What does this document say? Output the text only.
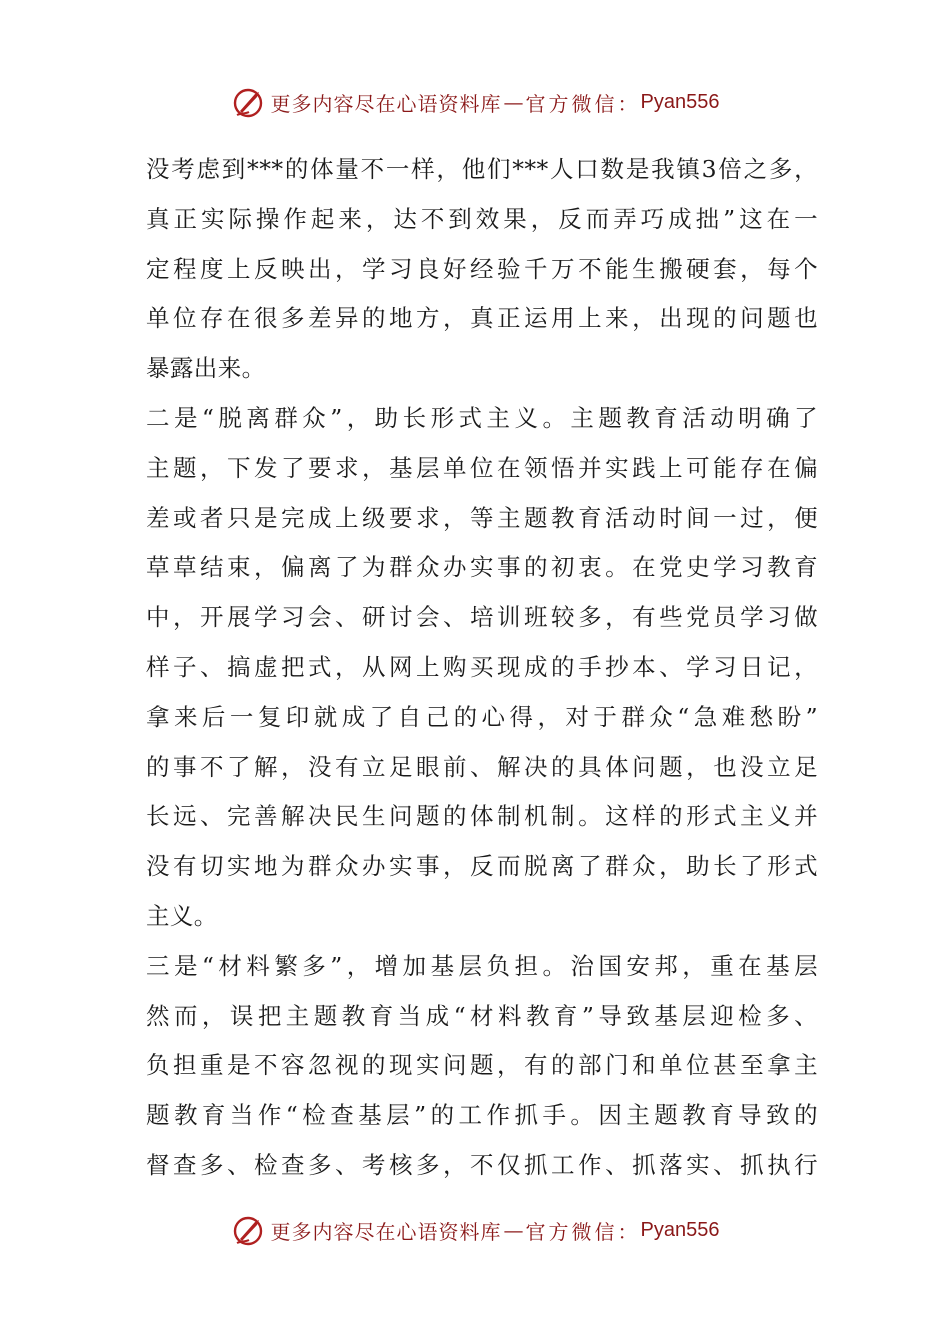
更多内容尽在心语资料库 — 官方微信： Pyan556
没考虑到***的体量不一样，他们***人口数是我镇3倍之多，
真正实际操作起来，达不到效果，反而弄巧成拙”这在一
定程度上反映出，学习良好经验千万不能生搬硬套，每个
单位存在很多差异的地方，真正运用上来，出现的问题也
暴露出来。
二是“脱离群众”，助长形式主义。主题教育活动明确了
主题，下发了要求，基层单位在领悟并实践上可能存在偏
差或者只是完成上级要求，等主题教育活动时间一过，便
草草结束，偏离了为群众办实事的初衷。在党史学习教育
中，开展学习会、研讨会、培训班较多，有些党员学习做
样子、搞虚把式，从网上购买现成的手抄本、学习日记，
拿来后一复印就成了自己的心得，对于群众“急难愁盼”
的事不了解，没有立足眼前、解决的具体问题，也没立足
长远、完善解决民生问题的体制机制。这样的形式主义并
没有切实地为群众办实事，反而脱离了群众，助长了形式
主义。
三是“材料繁多”，增加基层负担。治国安邦，重在基层
然而，误把主题教育当成“材料教育”导致基层迎检多、
负担重是不容忽视的现实问题，有的部门和单位甚至拿主
题教育当作“检查基层”的工作抓手。因主题教育导致的
督查多、检查多、考核多，不仅抓工作、抓落实、抓执行
更多内容尽在心语资料库 — 官方微信： Pyan556
